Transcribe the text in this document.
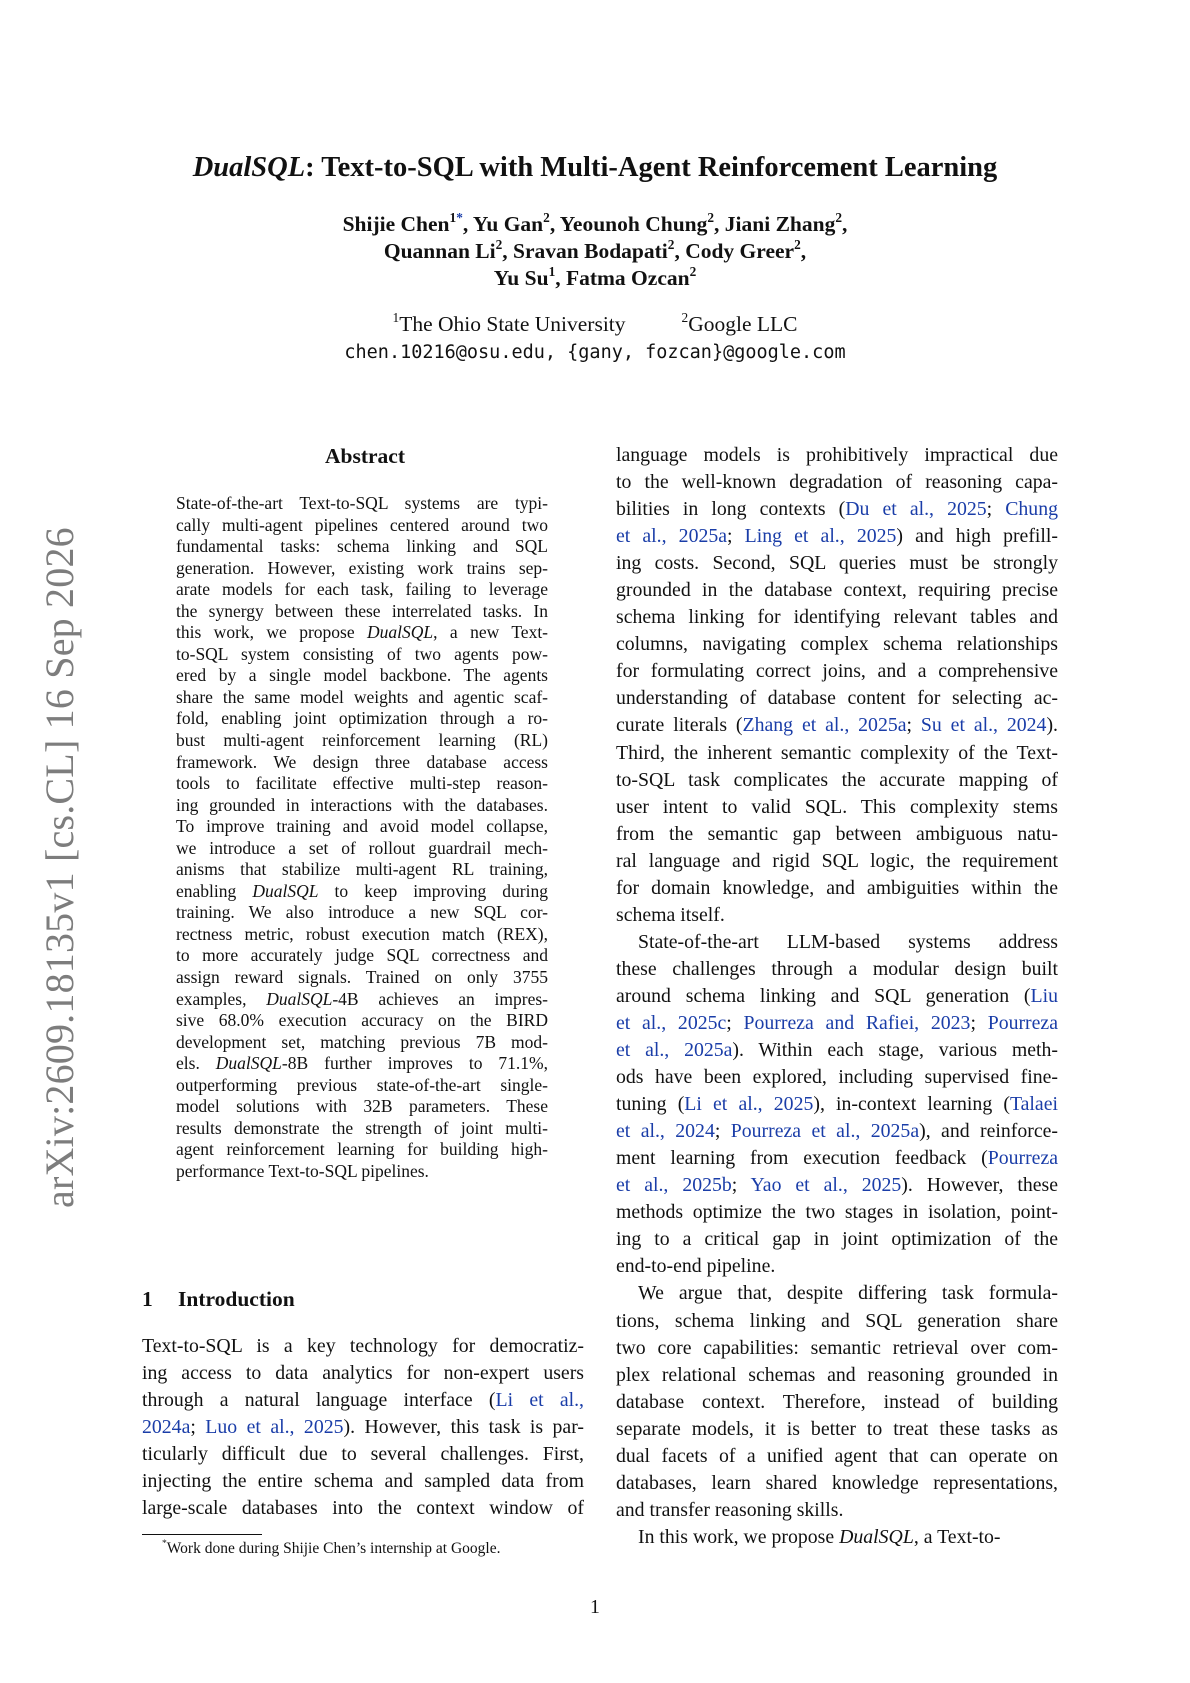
arXiv:2609.18135v1 [cs.CL] 16 Sep 2026
DualSQL: Text-to-SQL with Multi-Agent Reinforcement Learning
Shijie Chen$^{1*}$, Yu Gan$^2$, Yeounoh Chung$^2$, Jiani Zhang$^2$,
Quannan Li$^2$, Sravan Bodapati$^2$, Cody Greer$^2$,
Yu Su$^1$, Fatma Ozcan$^2$
$^1$The Ohio State University	$^2$Google LLC
chen.10216@osu.edu, {gany, fozcan}@google.com
Abstract
State-of-the-art Text-to-SQL systems are typi-
cally multi-agent pipelines centered around two
fundamental tasks: schema linking and SQL
generation. However, existing work trains sep-
arate models for each task, failing to leverage
the synergy between these interrelated tasks. In
this work, we propose DualSQL, a new Text-
to-SQL system consisting of two agents pow-
ered by a single model backbone. The agents
share the same model weights and agentic scaf-
fold, enabling joint optimization through a ro-
bust multi-agent reinforcement learning (RL)
framework. We design three database access
tools to facilitate effective multi-step reason-
ing grounded in interactions with the databases.
To improve training and avoid model collapse,
we introduce a set of rollout guardrail mech-
anisms that stabilize multi-agent RL training,
enabling DualSQL to keep improving during
training. We also introduce a new SQL cor-
rectness metric, robust execution match (REX),
to more accurately judge SQL correctness and
assign reward signals. Trained on only 3755
examples, DualSQL-4B achieves an impres-
sive 68.0% execution accuracy on the BIRD
development set, matching previous 7B mod-
els. DualSQL-8B further improves to 71.1%,
outperforming previous state-of-the-art single-
model solutions with 32B parameters. These
results demonstrate the strength of joint multi-
agent reinforcement learning for building high-
performance Text-to-SQL pipelines.
1 Introduction
Text-to-SQL is a key technology for democratiz-
ing access to data analytics for non-expert users
through a natural language interface (Li et al.,
2024a; Luo et al., 2025). However, this task is par-
ticularly difficult due to several challenges. First,
injecting the entire schema and sampled data from
large-scale databases into the context window of
*Work done during Shijie Chen’s internship at Google.
language models is prohibitively impractical due
to the well-known degradation of reasoning capa-
bilities in long contexts (Du et al., 2025; Chung
et al., 2025a; Ling et al., 2025) and high prefill-
ing costs. Second, SQL queries must be strongly
grounded in the database context, requiring precise
schema linking for identifying relevant tables and
columns, navigating complex schema relationships
for formulating correct joins, and a comprehensive
understanding of database content for selecting ac-
curate literals (Zhang et al., 2025a; Su et al., 2024).
Third, the inherent semantic complexity of the Text-
to-SQL task complicates the accurate mapping of
user intent to valid SQL. This complexity stems
from the semantic gap between ambiguous natu-
ral language and rigid SQL logic, the requirement
for domain knowledge, and ambiguities within the
schema itself.
State-of-the-art LLM-based systems address
these challenges through a modular design built
around schema linking and SQL generation (Liu
et al., 2025c; Pourreza and Rafiei, 2023; Pourreza
et al., 2025a). Within each stage, various meth-
ods have been explored, including supervised fine-
tuning (Li et al., 2025), in-context learning (Talaei
et al., 2024; Pourreza et al., 2025a), and reinforce-
ment learning from execution feedback (Pourreza
et al., 2025b; Yao et al., 2025). However, these
methods optimize the two stages in isolation, point-
ing to a critical gap in joint optimization of the
end-to-end pipeline.
We argue that, despite differing task formula-
tions, schema linking and SQL generation share
two core capabilities: semantic retrieval over com-
plex relational schemas and reasoning grounded in
database context. Therefore, instead of building
separate models, it is better to treat these tasks as
dual facets of a unified agent that can operate on
databases, learn shared knowledge representations,
and transfer reasoning skills.
In this work, we propose DualSQL, a Text-to-
1
